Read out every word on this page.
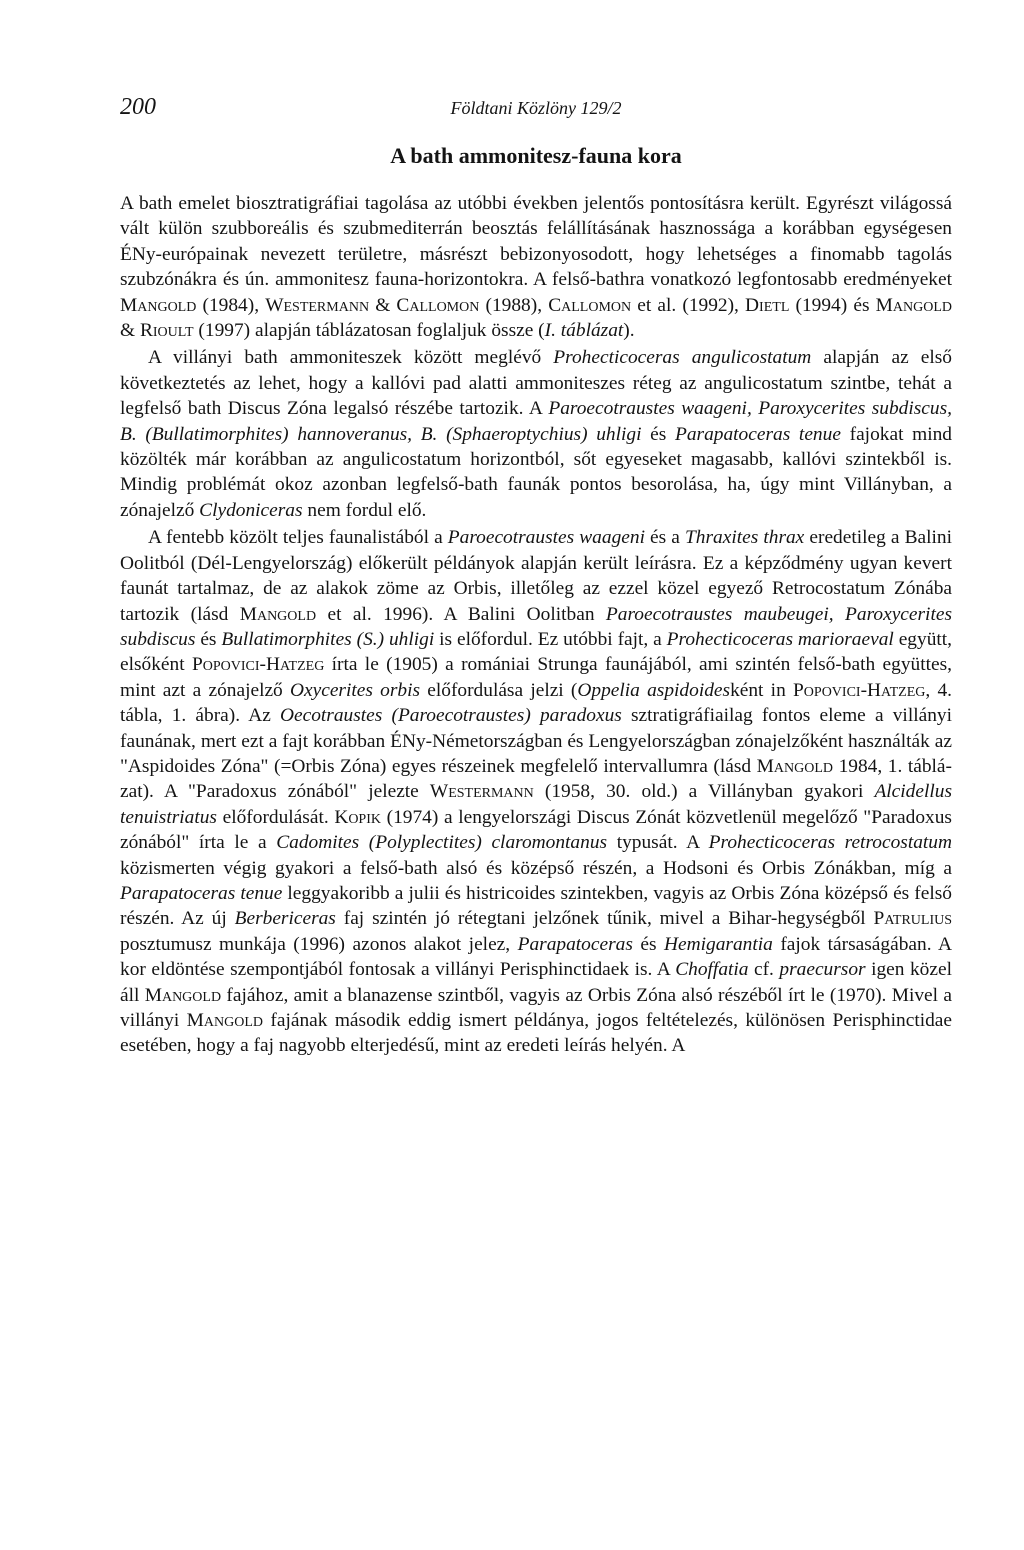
200	Földtani Közlöny 129/2
A bath ammonitesz-fauna kora

A bath emelet biosztratigráfiai tagolása az utóbbi években jelentős pontosításra került. Egyrészt világossá vált külön szubboreális és szubmediterrán beosztás felállításának hasznossága a korábban egységesen ÉNy-európainak nevezett területre, másrészt bebizonyosodott, hogy lehetséges a finomabb tagolás szubzónákra és ún. ammonitesz fauna-horizontokra. A felső-bathra vonatkozó legfontosabb eredményeket Mangold (1984), Westermann & Callomon (1988), Callomon et al. (1992), Dietl (1994) és Mangold & Rioult (1997) alapján táblázatosan foglaljuk össze (I. táblázat).

A villányi bath ammoniteszek között meglévő Prohecticoceras angulicostatum alapján az első következtetés az lehet, hogy a kallóvi pad alatti ammoniteszes réteg az angulicostatum szintbe, tehát a legfelső bath Discus Zóna legalsó részébe tartozik. A Paroecotraustes waageni, Paroxycerites subdiscus, B. (Bullatimorphites) hannoveranus, B. (Sphaeroptychius) uhligi és Parapatoceras tenue fajokat mind közölték már korábban az angulicostatum horizontból, sőt egyeseket magasabb, kallóvi szintekből is. Mindig problémát okoz azonban legfelső-bath faunák pontos besorolása, ha, úgy mint Villányban, a zónajelző Clydoniceras nem fordul elő.

A fentebb közölt teljes faunalistából a Paroecotraustes waageni és a Thraxites thrax eredetileg a Balini Oolitból (Dél-Lengyelország) előkerült példányok alapján került leírásra. Ez a képződmény ugyan kevert faunát tartalmaz, de az alakok zöme az Orbis, illetőleg az ezzel közel egyező Retrocostatum Zónába tartozik (lásd Mangold et al. 1996). A Balini Oolitban Paroecotraustes maubeugei, Paroxycerites subdiscus és Bullatimorphites (S.) uhligi is előfordul. Ez utóbbi fajt, a Prohecticoceras marioraeval együtt, elsőként Popovici-Hatzeg írta le (1905) a romániai Strunga faunájából, ami szintén felső-bath együttes, mint azt a zónajelző Oxycerites orbis előfordulása jelzi (Oppelia aspidoidesként in Popovici-Hatzeg, 4. tábla, 1. ábra). Az Oecotraustes (Paroecotraustes) paradoxus sztratigráfiailag fontos eleme a villányi faunának, mert ezt a fajt korábban ÉNy-Németországban és Lengyelországban zónajelzőként használták az "Aspidoides Zóna" (=Orbis Zóna) egyes részeinek megfelelő intervallumra (lásd Mangold 1984, 1. táblázat). A "Paradoxus zónából" jelezte Westermann (1958, 30. old.) a Villányban gyakori Alcidellus tenuistriatus előfordulását. Kopik (1974) a lengyelországi Discus Zónát közvetlenül megelőző "Paradoxus zónából" írta le a Cadomites (Polyplectites) claromontanus typusát. A Prohecticoceras retrocostatum közismerten végig gyakori a felső-bath alsó és középső részén, a Hodsoni és Orbis Zónákban, míg a Parapatoceras tenue leggyakoribb a julii és histricoides szintekben, vagyis az Orbis Zóna középső és felső részén. Az új Berbericeras faj szintén jó rétegtani jelzőnek tűnik, mivel a Bihar-hegységből Patrulius posztumusz munkája (1996) azonos alakot jelez, Parapatoceras és Hemigarantia fajok társaságában. A kor eldöntése szempontjából fontosak a villányi Perisphinctidaek is. A Choffatia cf. praecursor igen közel áll Mangold fajához, amit a blanazense szintből, vagyis az Orbis Zóna alsó részéből írt le (1970). Mivel a villányi Mangold fajának második eddig ismert példánya, jogos feltételezés, különösen Perisphinctidae esetében, hogy a faj nagyobb elterjedésű, mint az eredeti leírás helyén. A
